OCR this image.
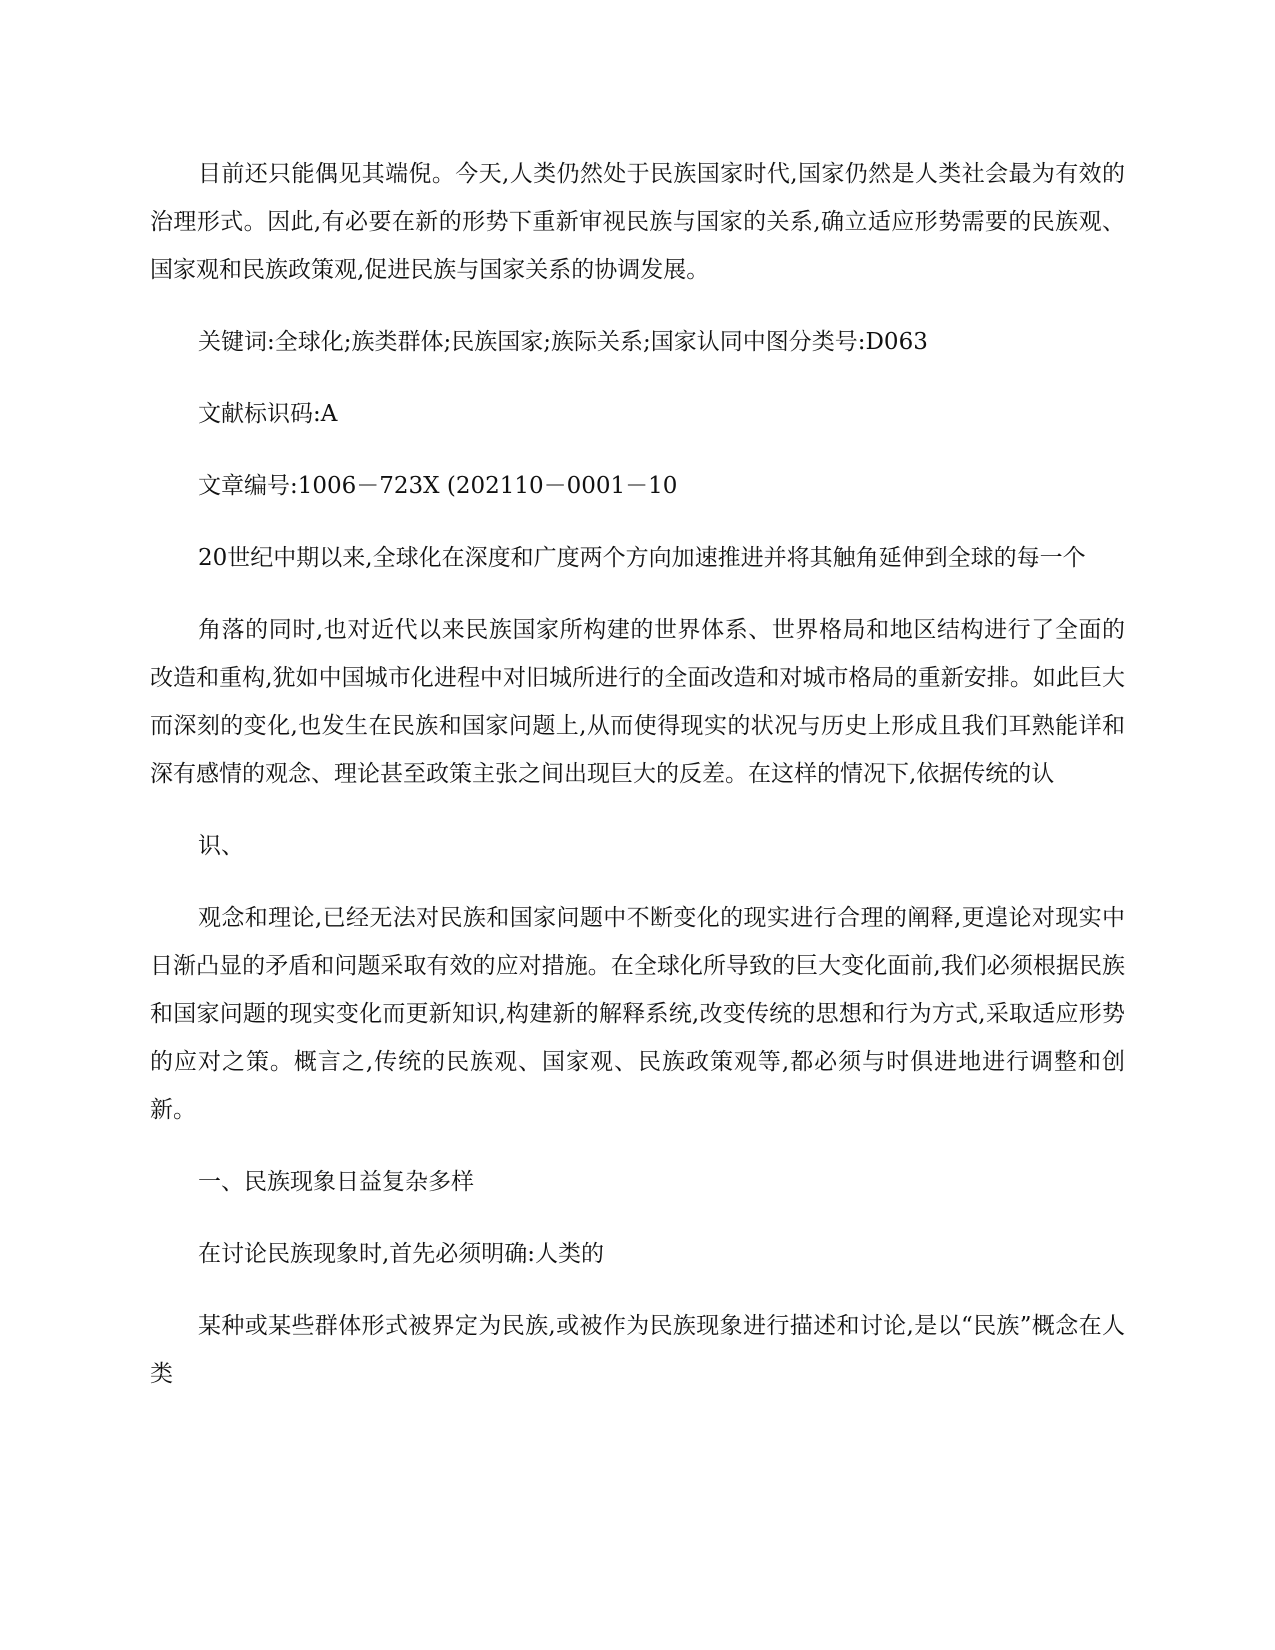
目前还只能偶见其端倪。今天,人类仍然处于民族国家时代,国家仍然是人类社会最为有效的治理形式。因此,有必要在新的形势下重新审视民族与国家的关系,确立适应形势需要的民族观、国家观和民族政策观,促进民族与国家关系的协调发展。

关键词:全球化;族类群体;民族国家;族际关系;国家认同中图分类号:D063

文献标识码:A

文章编号:1006－723X (202110－0001－10

20世纪中期以来,全球化在深度和广度两个方向加速推进并将其触角延伸到全球的每一个

角落的同时,也对近代以来民族国家所构建的世界体系、世界格局和地区结构进行了全面的改造和重构,犹如中国城市化进程中对旧城所进行的全面改造和对城市格局的重新安排。如此巨大而深刻的变化,也发生在民族和国家问题上,从而使得现实的状况与历史上形成且我们耳熟能详和深有感情的观念、理论甚至政策主张之间出现巨大的反差。在这样的情况下,依据传统的认

识、

观念和理论,已经无法对民族和国家问题中不断变化的现实进行合理的阐释,更遑论对现实中日渐凸显的矛盾和问题采取有效的应对措施。在全球化所导致的巨大变化面前,我们必须根据民族和国家问题的现实变化而更新知识,构建新的解释系统,改变传统的思想和行为方式,采取适应形势的应对之策。概言之,传统的民族观、国家观、民族政策观等,都必须与时俱进地进行调整和创新。

一、民族现象日益复杂多样

在讨论民族现象时,首先必须明确:人类的

某种或某些群体形式被界定为民族,或被作为民族现象进行描述和讨论,是以“民族”概念在人类
